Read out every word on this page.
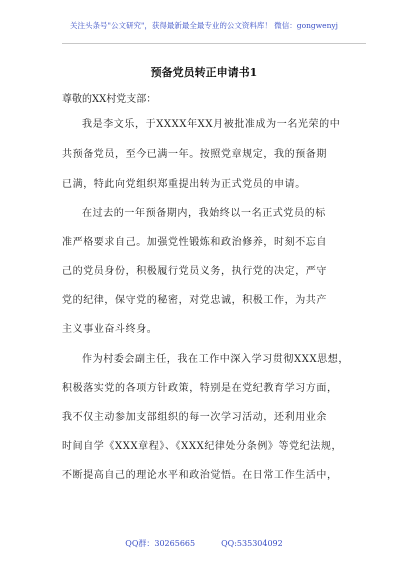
关注头条号"公文研究"，获得最新最全最专业的公文资料库！ 微信：gongwenyj
预备党员转正申请书1
尊敬的XX村党支部：
我是李文乐，于XXXX年XX月被批准成为一名光荣的中
共预备党员，至今已满一年。按照党章规定，我的预备期
已满，特此向党组织郑重提出转为正式党员的申请。
在过去的一年预备期内，我始终以一名正式党员的标
准严格要求自己。加强党性锻炼和政治修养，时刻不忘自
己的党员身份，积极履行党员义务，执行党的决定，严守
党的纪律，保守党的秘密，对党忠诚，积极工作，为共产
主义事业奋斗终身。
作为村委会副主任，我在工作中深入学习贯彻XXX思想，
积极落实党的各项方针政策，特别是在党纪教育学习方面，
我不仅主动参加支部组织的每一次学习活动，还利用业余
时间自学《XXX章程》、《XXX纪律处分条例》等党纪法规，
不断提高自己的理论水平和政治觉悟。在日常工作生活中，
QQ群：30265665	QQ:535304092
